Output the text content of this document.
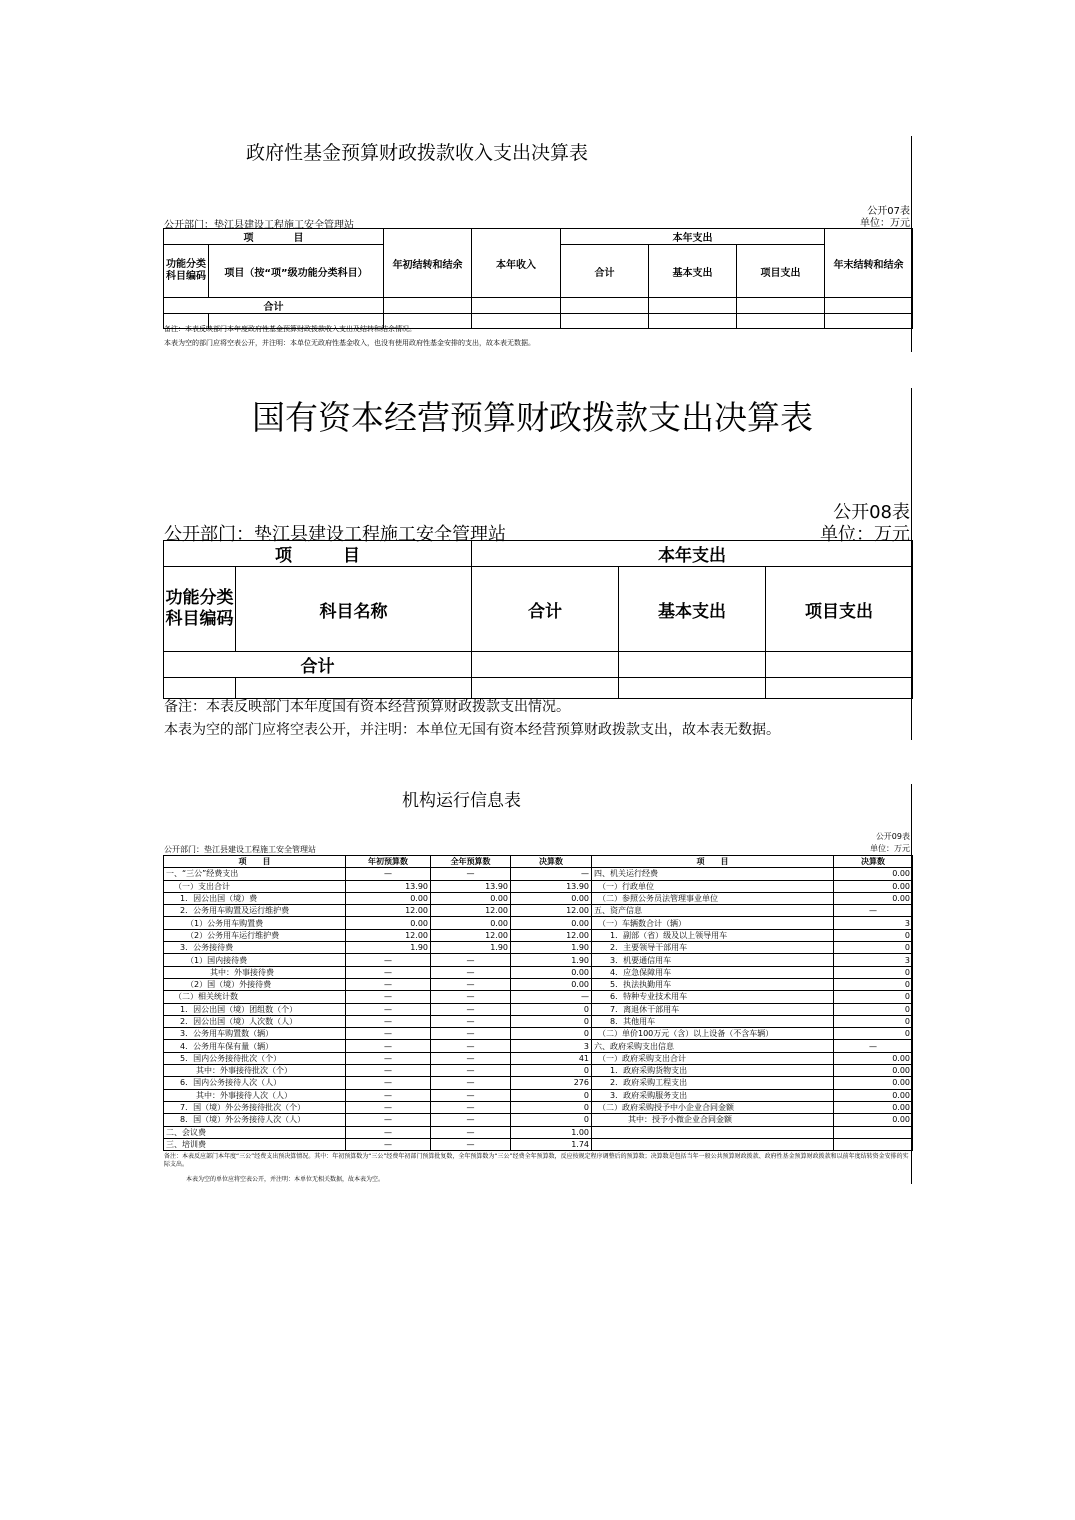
政府性基金预算财政拨款收入支出决算表
公开07表
单位：万元
公开部门：垫江县建设工程施工安全管理站
项　　　　目		年初结转和结余	本年收入	本年支出			年末结转和结余
功能分类科目编码	项目（按“项”级功能分类科目）			合计	基本支出	项目支出	
合计							

备注：本表反映部门本年度政府性基金预算财政拨款收入支出及结转和结余情况。
本表为空的部门应将空表公开，并注明：本单位无政府性基金收入，也没有使用政府性基金安排的支出，故本表无数据。
国有资本经营预算财政拨款支出决算表
公开08表
单位：万元
公开部门：垫江县建设工程施工安全管理站
项　　　目		本年支出		
功能分类科目编码	科目名称	合计	基本支出	项目支出
合计				

备注：本表反映部门本年度国有资本经营预算财政拨款支出情况。
本表为空的部门应将空表公开，并注明：本单位无国有资本经营预算财政拨款支出，故本表无数据。
机构运行信息表
公开09表
单位：万元
公开部门：垫江县建设工程施工安全管理站
项　　目	年初预算数	全年预算数	决算数	项　　目	决算数
一、“三公”经费支出	—	—	—	四、机关运行经费	0.00
（一）支出合计	13.90	13.90	13.90	（一）行政单位	0.00
1．因公出国（境）费	0.00	0.00	0.00	（二）参照公务员法管理事业单位	0.00
2．公务用车购置及运行维护费	12.00	12.00	12.00	五、资产信息	—
（1）公务用车购置费	0.00	0.00	0.00	（一）车辆数合计（辆）	3
（2）公务用车运行维护费	12.00	12.00	12.00	1．副部（省）级及以上领导用车	0
3．公务接待费	1.90	1.90	1.90	2．主要领导干部用车	0
（1）国内接待费	—	—	1.90	3．机要通信用车	3
其中：外事接待费	—	—	0.00	4．应急保障用车	0
（2）国（境）外接待费	—	—	0.00	5．执法执勤用车	0
（二）相关统计数	—	—	—	6．特种专业技术用车	0
1．因公出国（境）团组数（个）	—	—	0	7．离退休干部用车	0
2．因公出国（境）人次数（人）	—	—	0	8．其他用车	0
3．公务用车购置数（辆）	—	—	0	（二）单价100万元（含）以上设备（不含车辆）	0
4．公务用车保有量（辆）	—	—	3	六、政府采购支出信息	—
5．国内公务接待批次（个）	—	—	41	（一）政府采购支出合计	0.00
其中：外事接待批次（个）	—	—	0	1．政府采购货物支出	0.00
6．国内公务接待人次（人）	—	—	276	2．政府采购工程支出	0.00
其中：外事接待人次（人）	—	—	0	3．政府采购服务支出	0.00
7．国（境）外公务接待批次（个）	—	—	0	（二）政府采购授予中小企业合同金额	0.00
8．国（境）外公务接待人次（人）	—	—	0	其中：授予小微企业合同金额	0.00
二、会议费	—	—	1.00		
三、培训费	—	—	1.74		
备注：本表反应部门本年度“三公”经费支出预决算情况。其中：年初预算数为“三公”经费年初部门预算批复数，全年预算数为“三公”经费全年预算数，反应按规定程序调整后的预算数；决算数是包括当年一般公共预算财政拨款、政府性基金预算财政拨款和以前年度结转资金安排的实际支出。
本表为空的单位应将空表公开，并注明：本单位无相关数据，故本表为空。
